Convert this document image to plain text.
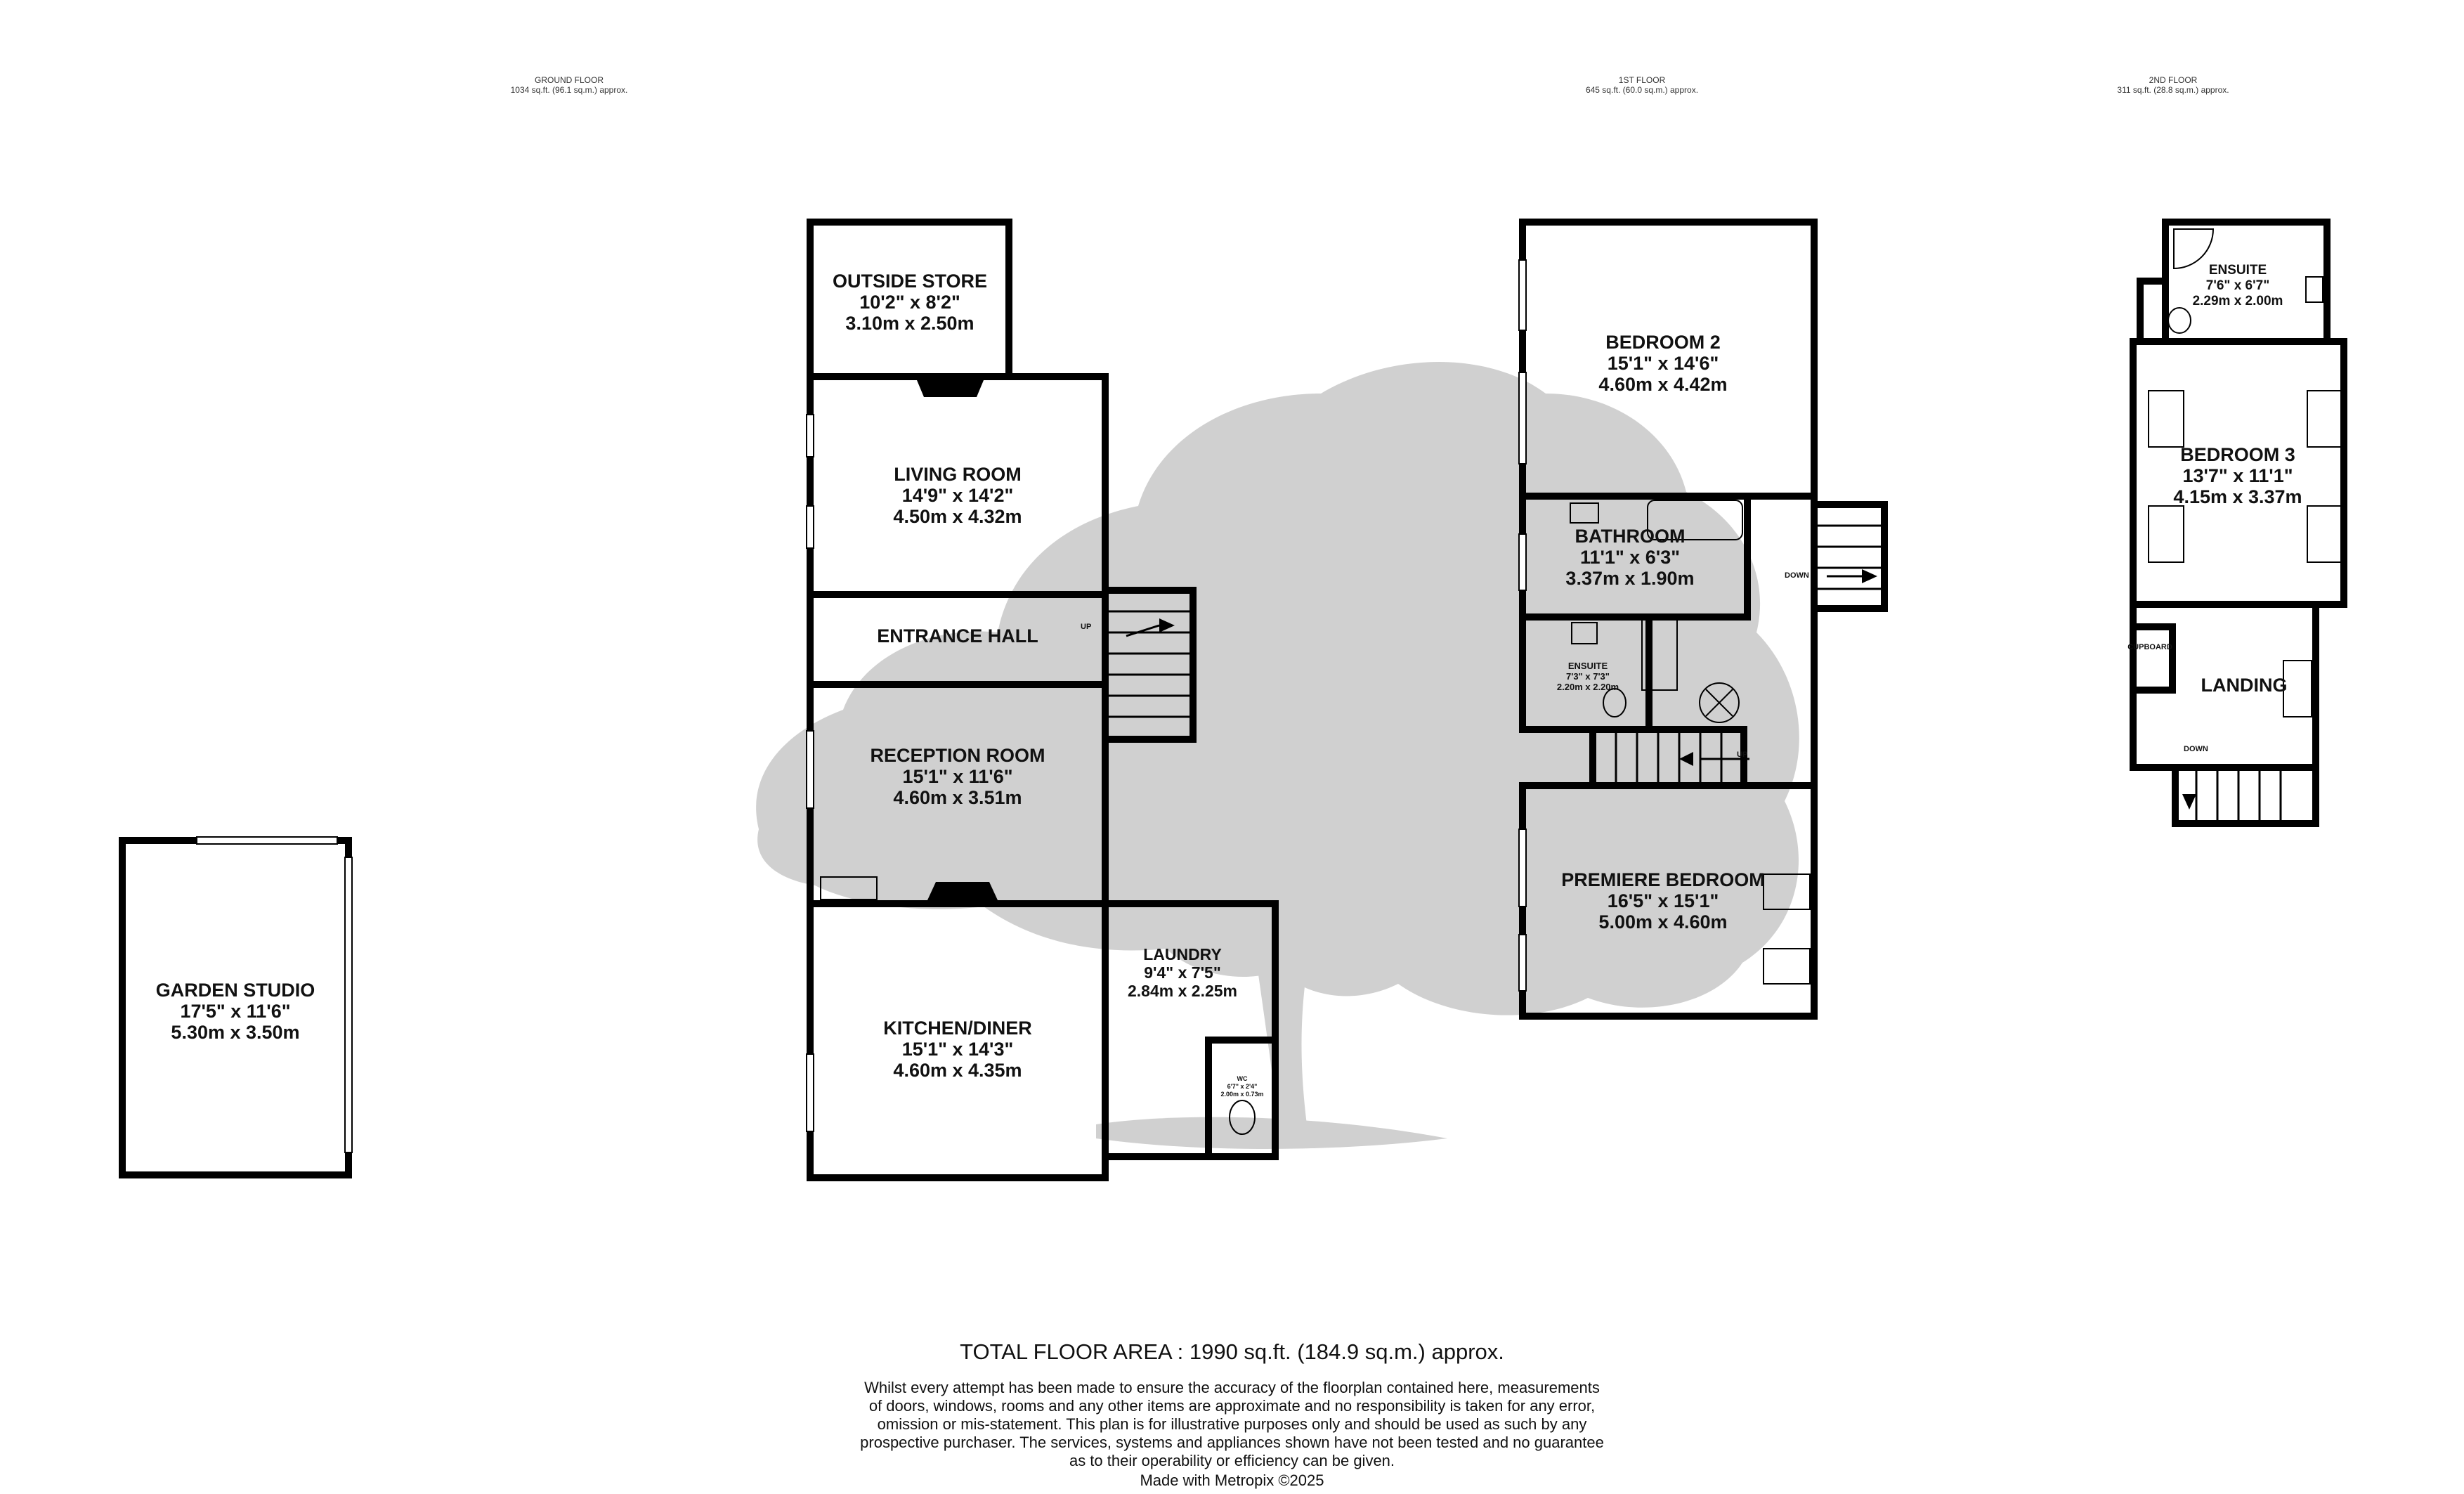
GROUND FLOOR
1034 sq.ft. (96.1 sq.m.) approx.
1ST FLOOR
645 sq.ft. (60.0 sq.m.) approx.
2ND FLOOR
311 sq.ft. (28.8 sq.m.) approx.
OUTSIDE STORE
10'2" x 8'2"
3.10m x 2.50m
LIVING ROOM
14'9" x 14'2"
4.50m x 4.32m
ENTRANCE HALL
RECEPTION ROOM
15'1" x 11'6"
4.60m x 3.51m
KITCHEN/DINER
15'1" x 14'3"
4.60m x 4.35m
LAUNDRY
9'4" x 7'5"
2.84m x 2.25m
WC
6'7" x 2'4"
2.00m x 0.73m
UP
GARDEN STUDIO
17'5" x 11'6"
5.30m x 3.50m
BEDROOM 2
15'1" x 14'6"
4.60m x 4.42m
BATHROOM
11'1" x 6'3"
3.37m x 1.90m
ENSUITE
7'3" x 7'3"
2.20m x 2.20m
PREMIERE BEDROOM
16'5" x 15'1"
5.00m x 4.60m
DOWN
UP
ENSUITE
7'6" x 6'7"
2.29m x 2.00m
BEDROOM 3
13'7" x 11'1"
4.15m x 3.37m
LANDING
CUPBOARD
DOWN
TOTAL FLOOR AREA : 1990 sq.ft. (184.9 sq.m.) approx.
Whilst every attempt has been made to ensure the accuracy of the floorplan contained here, measurements
of doors, windows, rooms and any other items are approximate and no responsibility is taken for any error,
omission or mis-statement. This plan is for illustrative purposes only and should be used as such by any
prospective purchaser. The services, systems and appliances shown have not been tested and no guarantee
as to their operability or efficiency can be given.
Made with Metropix ©2025
